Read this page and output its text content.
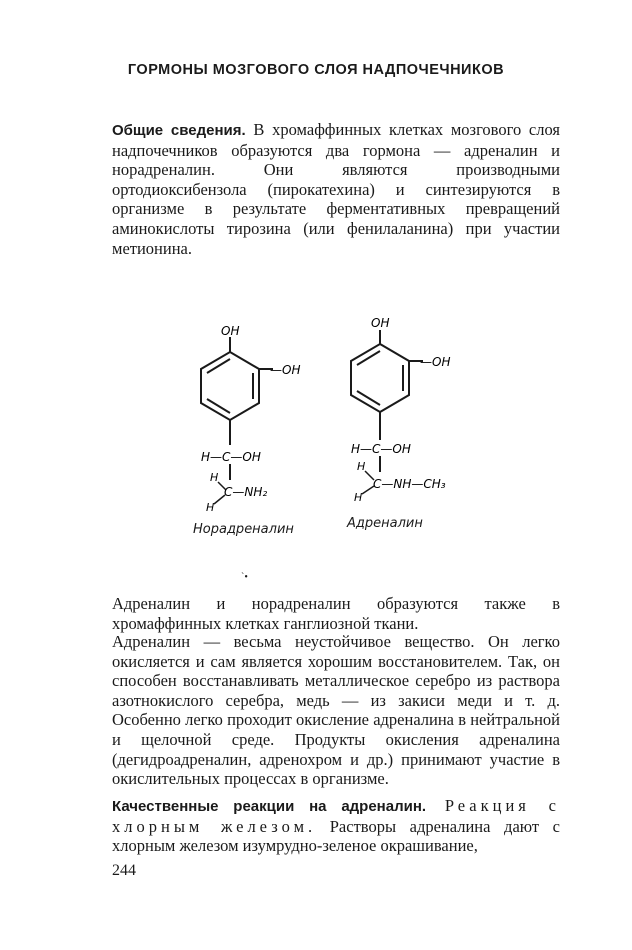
ГОРМОНЫ МОЗГОВОГО СЛОЯ НАДПОЧЕЧНИКОВ

Общие сведения. В хромаффинных клетках мозгового слоя надпочечников образуются два гормона — адреналин и норадреналин. Они являются производными ортодиоксибензола (пирокатехина) и синтезируются в организме в результате ферментативных превращений аминокислоты тирозина (или фенилаланина) при участии метионина.

OH
—OH
H—C—OH
H
H
C—NH₂
OH
—OH
H—C—OH
H
H
C—NH—CH₃
Норадреналин	Адреналин
`•

Адреналин и норадреналин образуются также в хромаффинных клетках ганглиозной ткани.

Адреналин — весьма неустойчивое вещество. Он легко окисляется и сам является хорошим восстановителем. Так, он способен восстанавливать металлическое серебро из раствора азотнокислого серебра, медь — из закиси меди и т. д. Особенно легко проходит окисление адреналина в нейтральной и щелочной среде. Продукты окисления адреналина (дегидроадреналин, адренохром и др.) принимают участие в окислительных процессах в организме.

Качественные реакции на адреналин. Реакция с хлорным железом. Растворы адреналина дают с хлорным железом изумрудно-зеленое окрашивание,

244
